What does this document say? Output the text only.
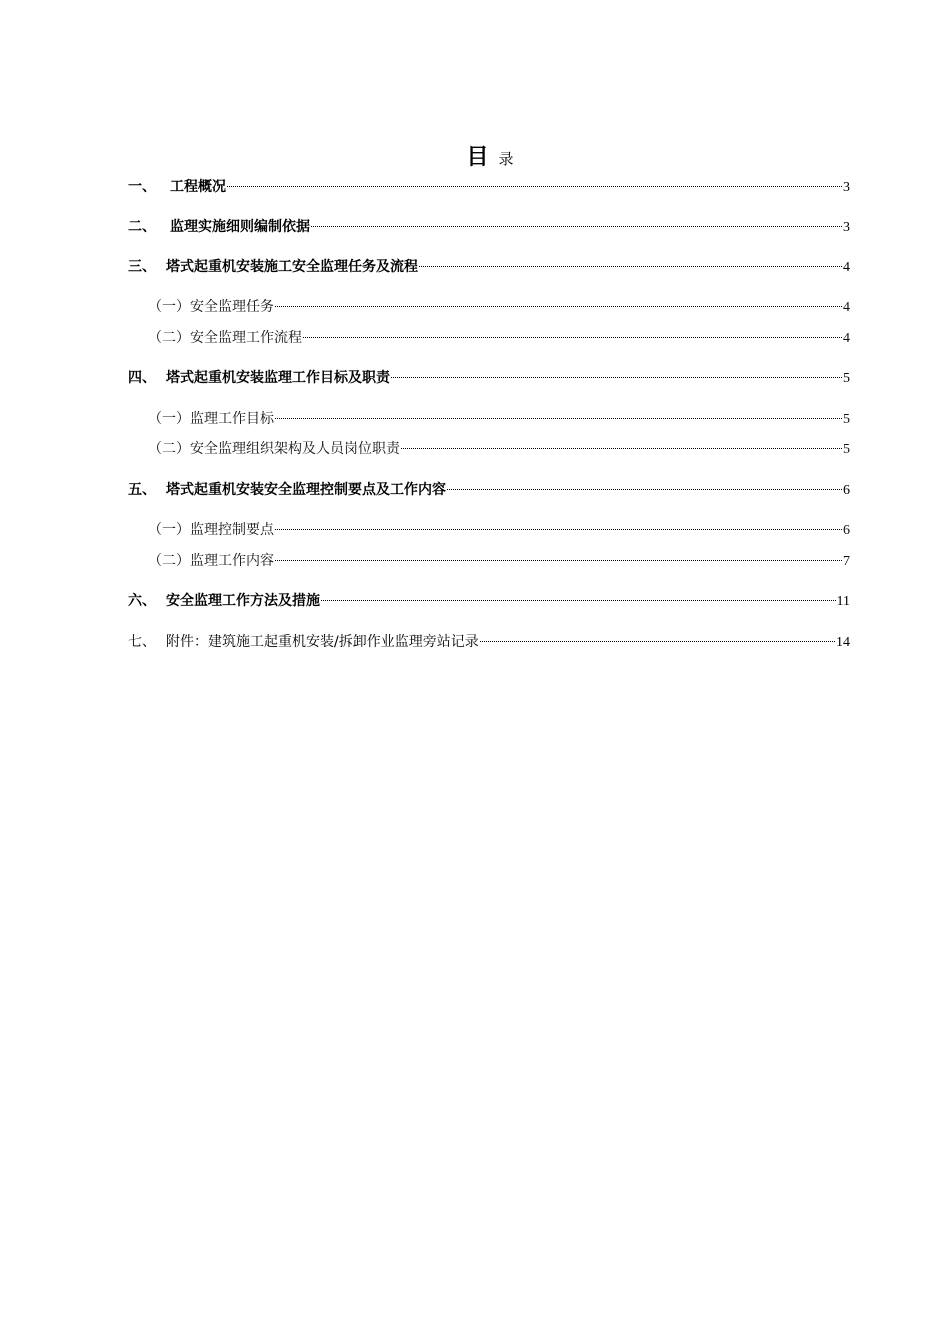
目 录
一、	工程概况	3
二、	监理实施细则编制依据	3
三、 塔式起重机安装施工安全监理任务及流程	4
（一） 安全监理任务	4
（二） 安全监理工作流程	4
四、 塔式起重机安装监理工作目标及职责	5
（一） 监理工作目标	5
（二） 安全监理组织架构及人员岗位职责	5
五、 塔式起重机安装安全监理控制要点及工作内容	6
（一） 监理控制要点	6
（二） 监理工作内容	7
六、 安全监理工作方法及措施	11
七、 附件：建筑施工起重机安装/拆卸作业监理旁站记录	14
